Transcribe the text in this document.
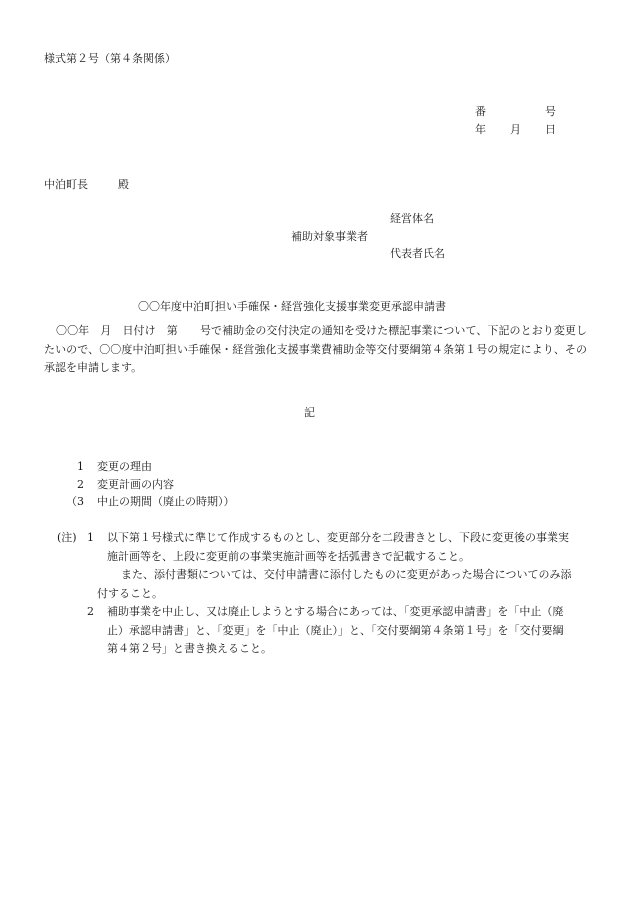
様式第２号（第４条関係）
番	号
年 月 日
中泊町長	殿
経営体名
補助対象事業者
代表者氏名
〇〇年度中泊町担い手確保・経営強化支援事業変更承認申請書
〇〇年　月　日付け　第　　号で補助金の交付決定の通知を受けた標記事業について、下記のとおり変更したいので、〇〇度中泊町担い手確保・経営強化支援事業費補助金等交付要綱第４条第１号の規定により、その承認を申請します。
記
1 変更の理由
2 変更計画の内容
（3 中止の期間（廃止の時期））
(注) 1 以下第１号様式に準じて作成するものとし、変更部分を二段書きとし、下段に変更後の事業実施計画等を、上段に変更前の事業実施計画等を括弧書きで記載すること。
また、添付書類については、交付申請書に添付したものに変更があった場合についてのみ添付すること。
2 補助事業を中止し、又は廃止しようとする場合にあっては、「変更承認申請書」を「中止（廃止）承認申請書」と、「変更」を「中止（廃止）」と、「交付要綱第４条第１号」を「交付要綱第４第２号」と書き換えること。
